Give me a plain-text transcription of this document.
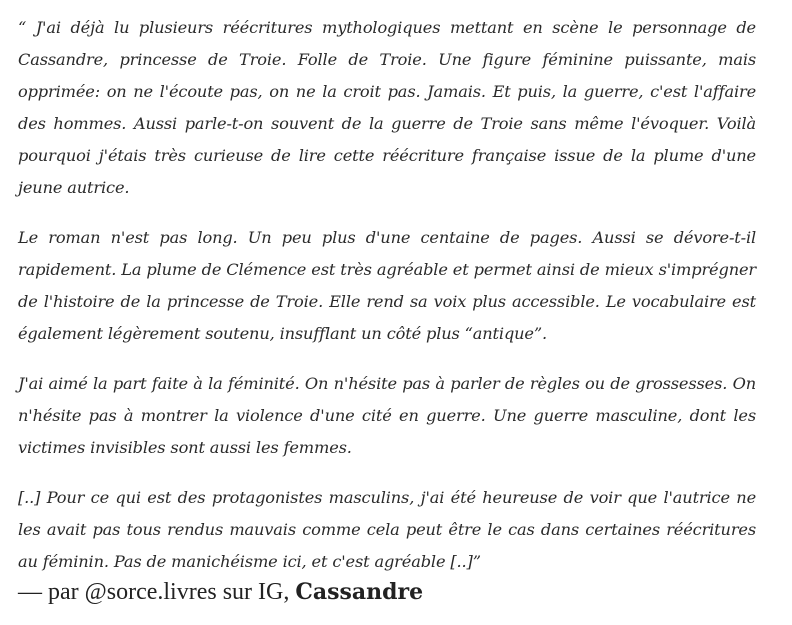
“ J'ai déjà lu plusieurs réécritures mythologiques mettant en scène le personnage de Cassandre, princesse de Troie. Folle de Troie. Une figure féminine puissante, mais opprimée: on ne l'écoute pas, on ne la croit pas. Jamais. Et puis, la guerre, c'est l'affaire des hommes. Aussi parle-t-on souvent de la guerre de Troie sans même l'évoquer. Voilà pourquoi j'étais très curieuse de lire cette réécriture française issue de la plume d'une jeune autrice.

Le roman n'est pas long. Un peu plus d'une centaine de pages. Aussi se dévore-t-il rapidement. La plume de Clémence est très agréable et permet ainsi de mieux s'imprégner de l'histoire de la princesse de Troie. Elle rend sa voix plus accessible. Le vocabulaire est également légèrement soutenu, insufflant un côté plus “antique”.

J'ai aimé la part faite à la féminité. On n'hésite pas à parler de règles ou de grossesses. On n'hésite pas à montrer la violence d'une cité en guerre. Une guerre masculine, dont les victimes invisibles sont aussi les femmes.

[..] Pour ce qui est des protagonistes masculins, j'ai été heureuse de voir que l'autrice ne les avait pas tous rendus mauvais comme cela peut être le cas dans certaines réécritures au féminin. Pas de manichéisme ici, et c'est agréable [..]”

— par @sorce.livres sur IG, Cassandre
